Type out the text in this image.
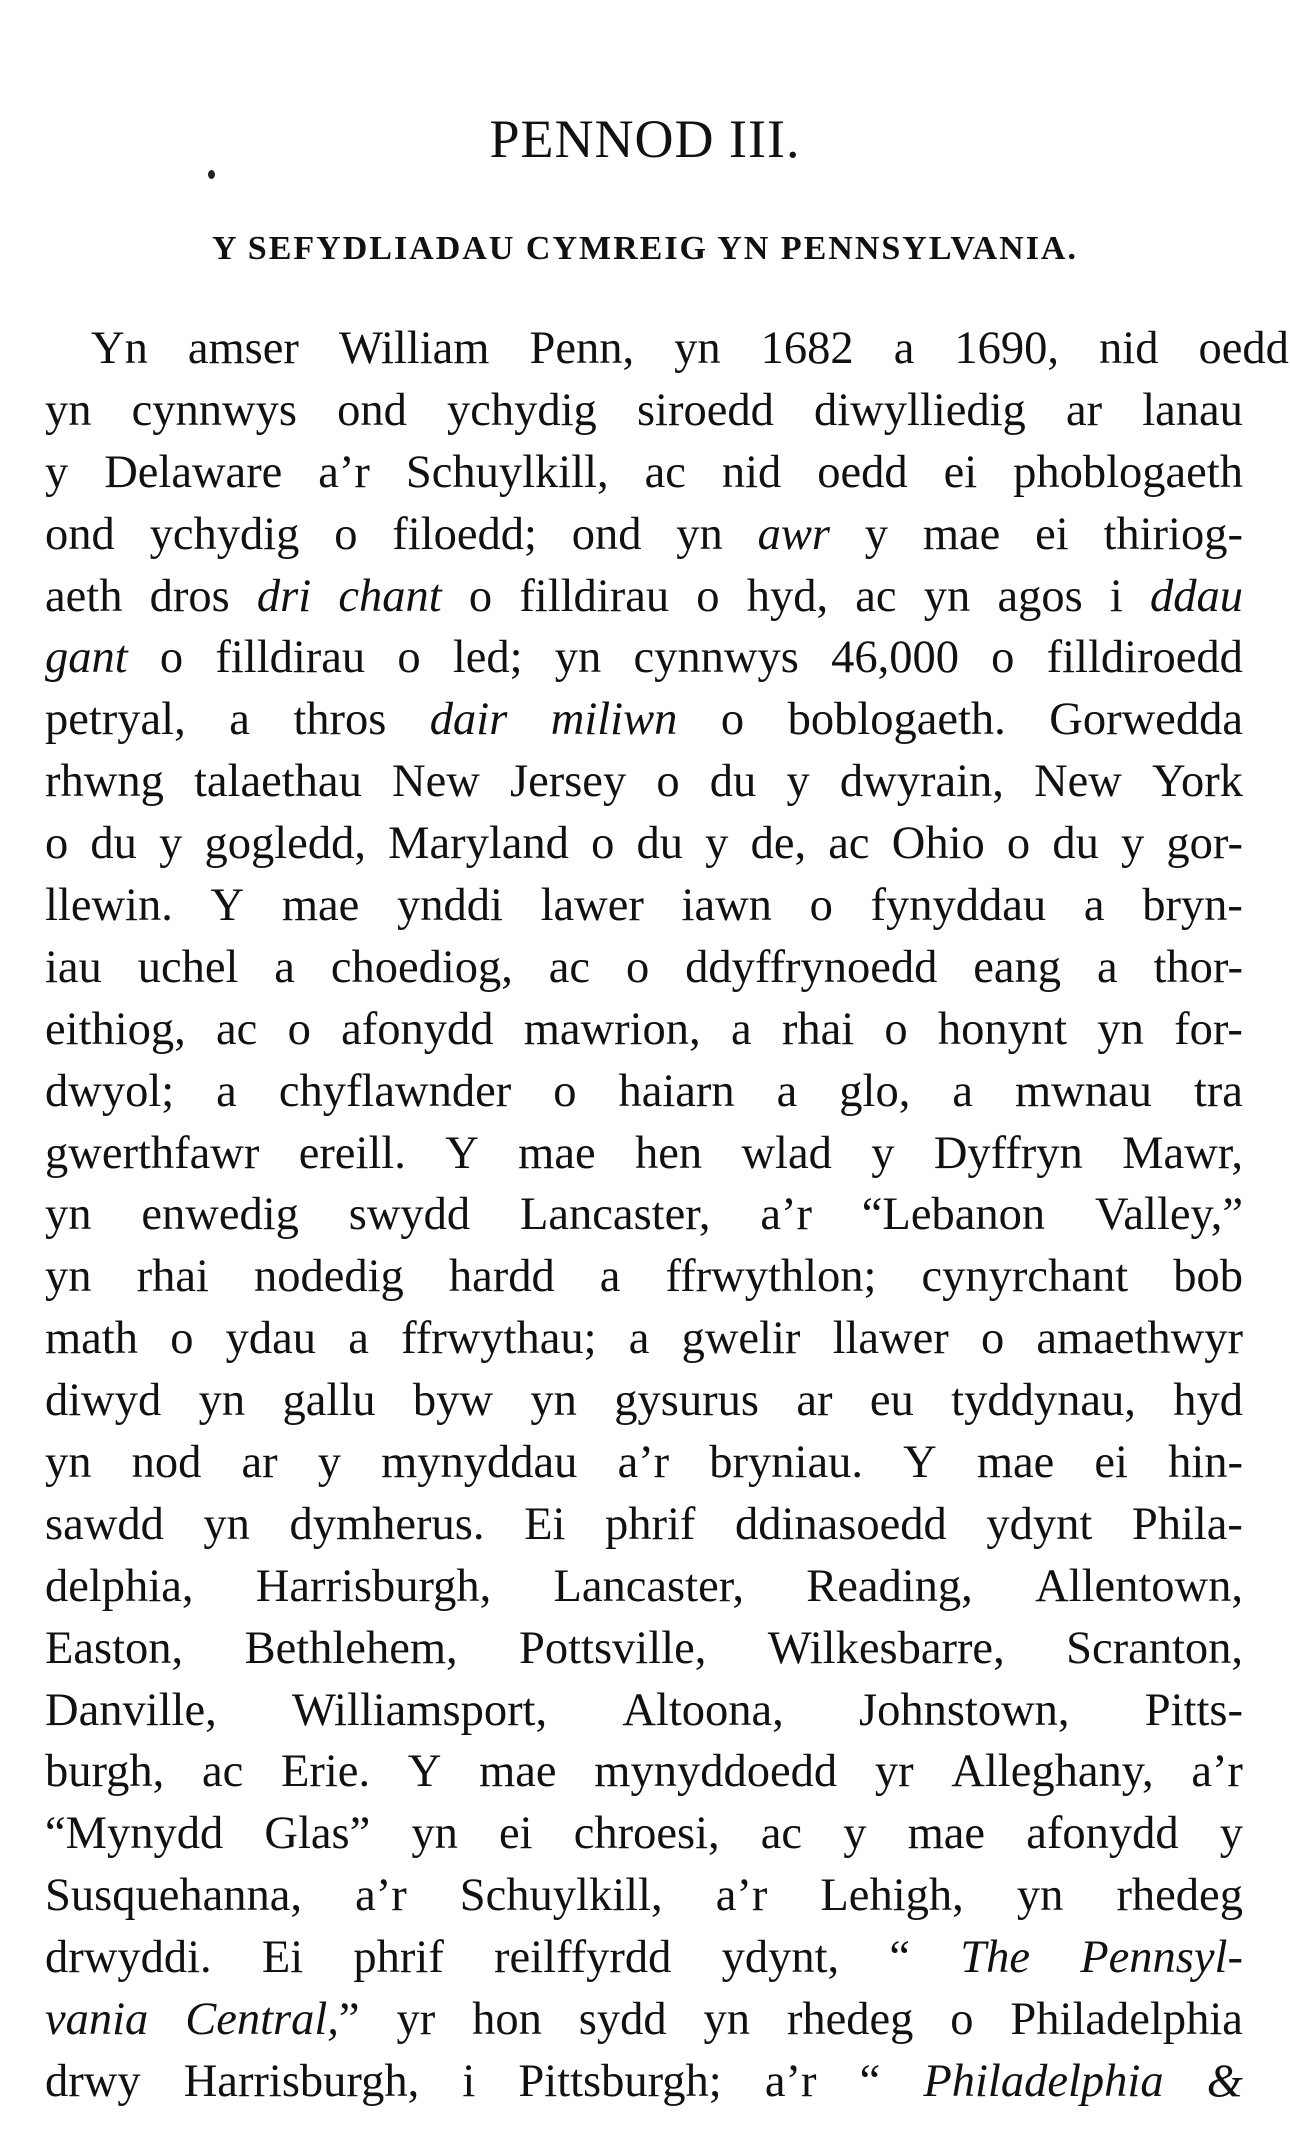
PENNOD III.
Y SEFYDLIADAU CYMREIG YN PENNSYLVANIA.
Yn amser William Penn, yn 1682 a 1690, nid oedd
yn cynnwys ond ychydig siroedd diwylliedig ar lanau
y Delaware a’r Schuylkill, ac nid oedd ei phoblogaeth
ond ychydig o filoedd; ond yn awr y mae ei thiriog-
aeth dros dri chant o filldirau o hyd, ac yn agos i ddau
gant o filldirau o led; yn cynnwys 46,000 o filldiroedd
petryal, a thros dair miliwn o boblogaeth. Gorwedda
rhwng talaethau New Jersey o du y dwyrain, New York
o du y gogledd, Maryland o du y de, ac Ohio o du y gor-
llewin. Y mae ynddi lawer iawn o fynyddau a bryn-
iau uchel a choediog, ac o ddyffrynoedd eang a thor-
eithiog, ac o afonydd mawrion, a rhai o honynt yn for-
dwyol; a chyflawnder o haiarn a glo, a mwnau tra
gwerthfawr ereill. Y mae hen wlad y Dyffryn Mawr,
yn enwedig swydd Lancaster, a’r “Lebanon Valley,”
yn rhai nodedig hardd a ffrwythlon; cynyrchant bob
math o ydau a ffrwythau; a gwelir llawer o amaethwyr
diwyd yn gallu byw yn gysurus ar eu tyddynau, hyd
yn nod ar y mynyddau a’r bryniau. Y mae ei hin-
sawdd yn dymherus. Ei phrif ddinasoedd ydynt Phila-
delphia, Harrisburgh, Lancaster, Reading, Allentown,
Easton, Bethlehem, Pottsville, Wilkesbarre, Scranton,
Danville, Williamsport, Altoona, Johnstown, Pitts-
burgh, ac Erie. Y mae mynyddoedd yr Alleghany, a’r
“Mynydd Glas” yn ei chroesi, ac y mae afonydd y
Susquehanna, a’r Schuylkill, a’r Lehigh, yn rhedeg
drwyddi. Ei phrif reilffyrdd ydynt, “ The Pennsyl-
vania Central,” yr hon sydd yn rhedeg o Philadelphia
drwy Harrisburgh, i Pittsburgh; a’r “ Philadelphia &
